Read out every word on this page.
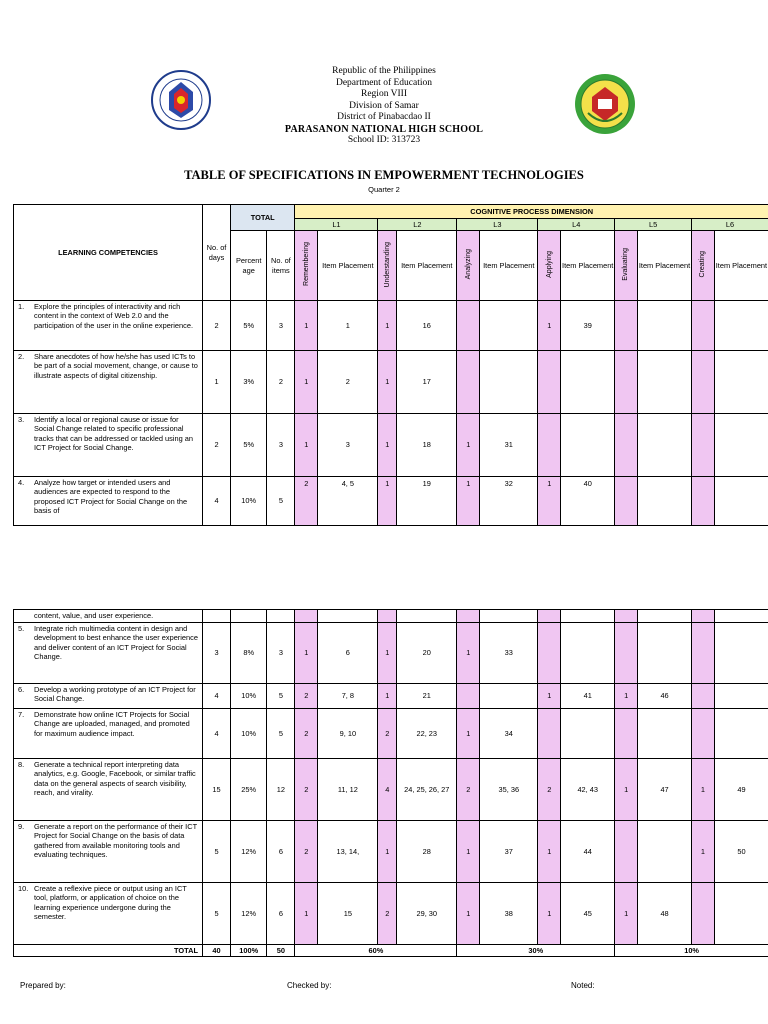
Republic of the Philippines
Department of Education
Region VIII
Division of Samar
District of Pinabacdao II
PARASANON NATIONAL HIGH SCHOOL
School ID: 313723
TABLE OF SPECIFICATIONS IN EMPOWERMENT TECHNOLOGIES
Quarter 2
LEARNING COMPETENCIES	No. of days	TOTAL		COGNITIVE PROCESS DIMENSION											
				L1		L2		L3		L4		L5		L6	
		Percent age	No. of items	Remembering	Item Placement	Understanding	Item Placement	Analyzing	Item Placement	Applying	Item Placement	Evaluating	Item Placement	Creating	Item Placement

1. Explore the principles of interactivity and rich content in the context of Web 2.0 and the participation of the user in the online experience.	2	5%	3	1	1	1	16			1	39				

2. Share anecdotes of how he/she has used ICTs to be part of a social movement, change, or cause to illustrate aspects of digital citizenship.	1	3%	2	1	2	1	17								

3. Identify a local or regional cause or issue for Social Change related to specific professional tracks that can be addressed or tackled using an ICT Project for Social Change.	2	5%	3	1	3	1	18	1	31						

4. Analyze how target or intended users and audiences are expected to respond to the proposed ICT Project for Social Change on the basis of	4	10%	5	2	4, 5	1	19	1	32	1	40				
content, value, and user experience.															

5. Integrate rich multimedia content in design and development to best enhance the user experience and deliver content of an ICT Project for Social Change.	3	8%	3	1	6	1	20	1	33						

6. Develop a working prototype of an ICT Project for Social Change.	4	10%	5	2	7, 8	1	21			1	41	1	46		

7. Demonstrate how online ICT Projects for Social Change are uploaded, managed, and promoted for maximum audience impact.	4	10%	5	2	9, 10	2	22, 23	1	34						

8. Generate a technical report interpreting data analytics, e.g. Google, Facebook, or similar traffic data on the general aspects of search visibility, reach, and virality.	15	25%	12	2	11, 12	4	24, 25, 26, 27	2	35, 36	2	42, 43	1	47	1	49

9. Generate a report on the performance of their ICT Project for Social Change on the basis of data gathered from available monitoring tools and evaluating techniques.	5	12%	6	2	13, 14,	1	28	1	37	1	44			1	50

10. Create a reflexive piece or output using an ICT tool, platform, or application of choice on the learning experience undergone during the semester.	5	12%	6	1	15	2	29, 30	1	38	1	45	1	48		
TOTAL	40	100%	50	60%				30%				10%			
Prepared by:	Checked by:	Noted:
